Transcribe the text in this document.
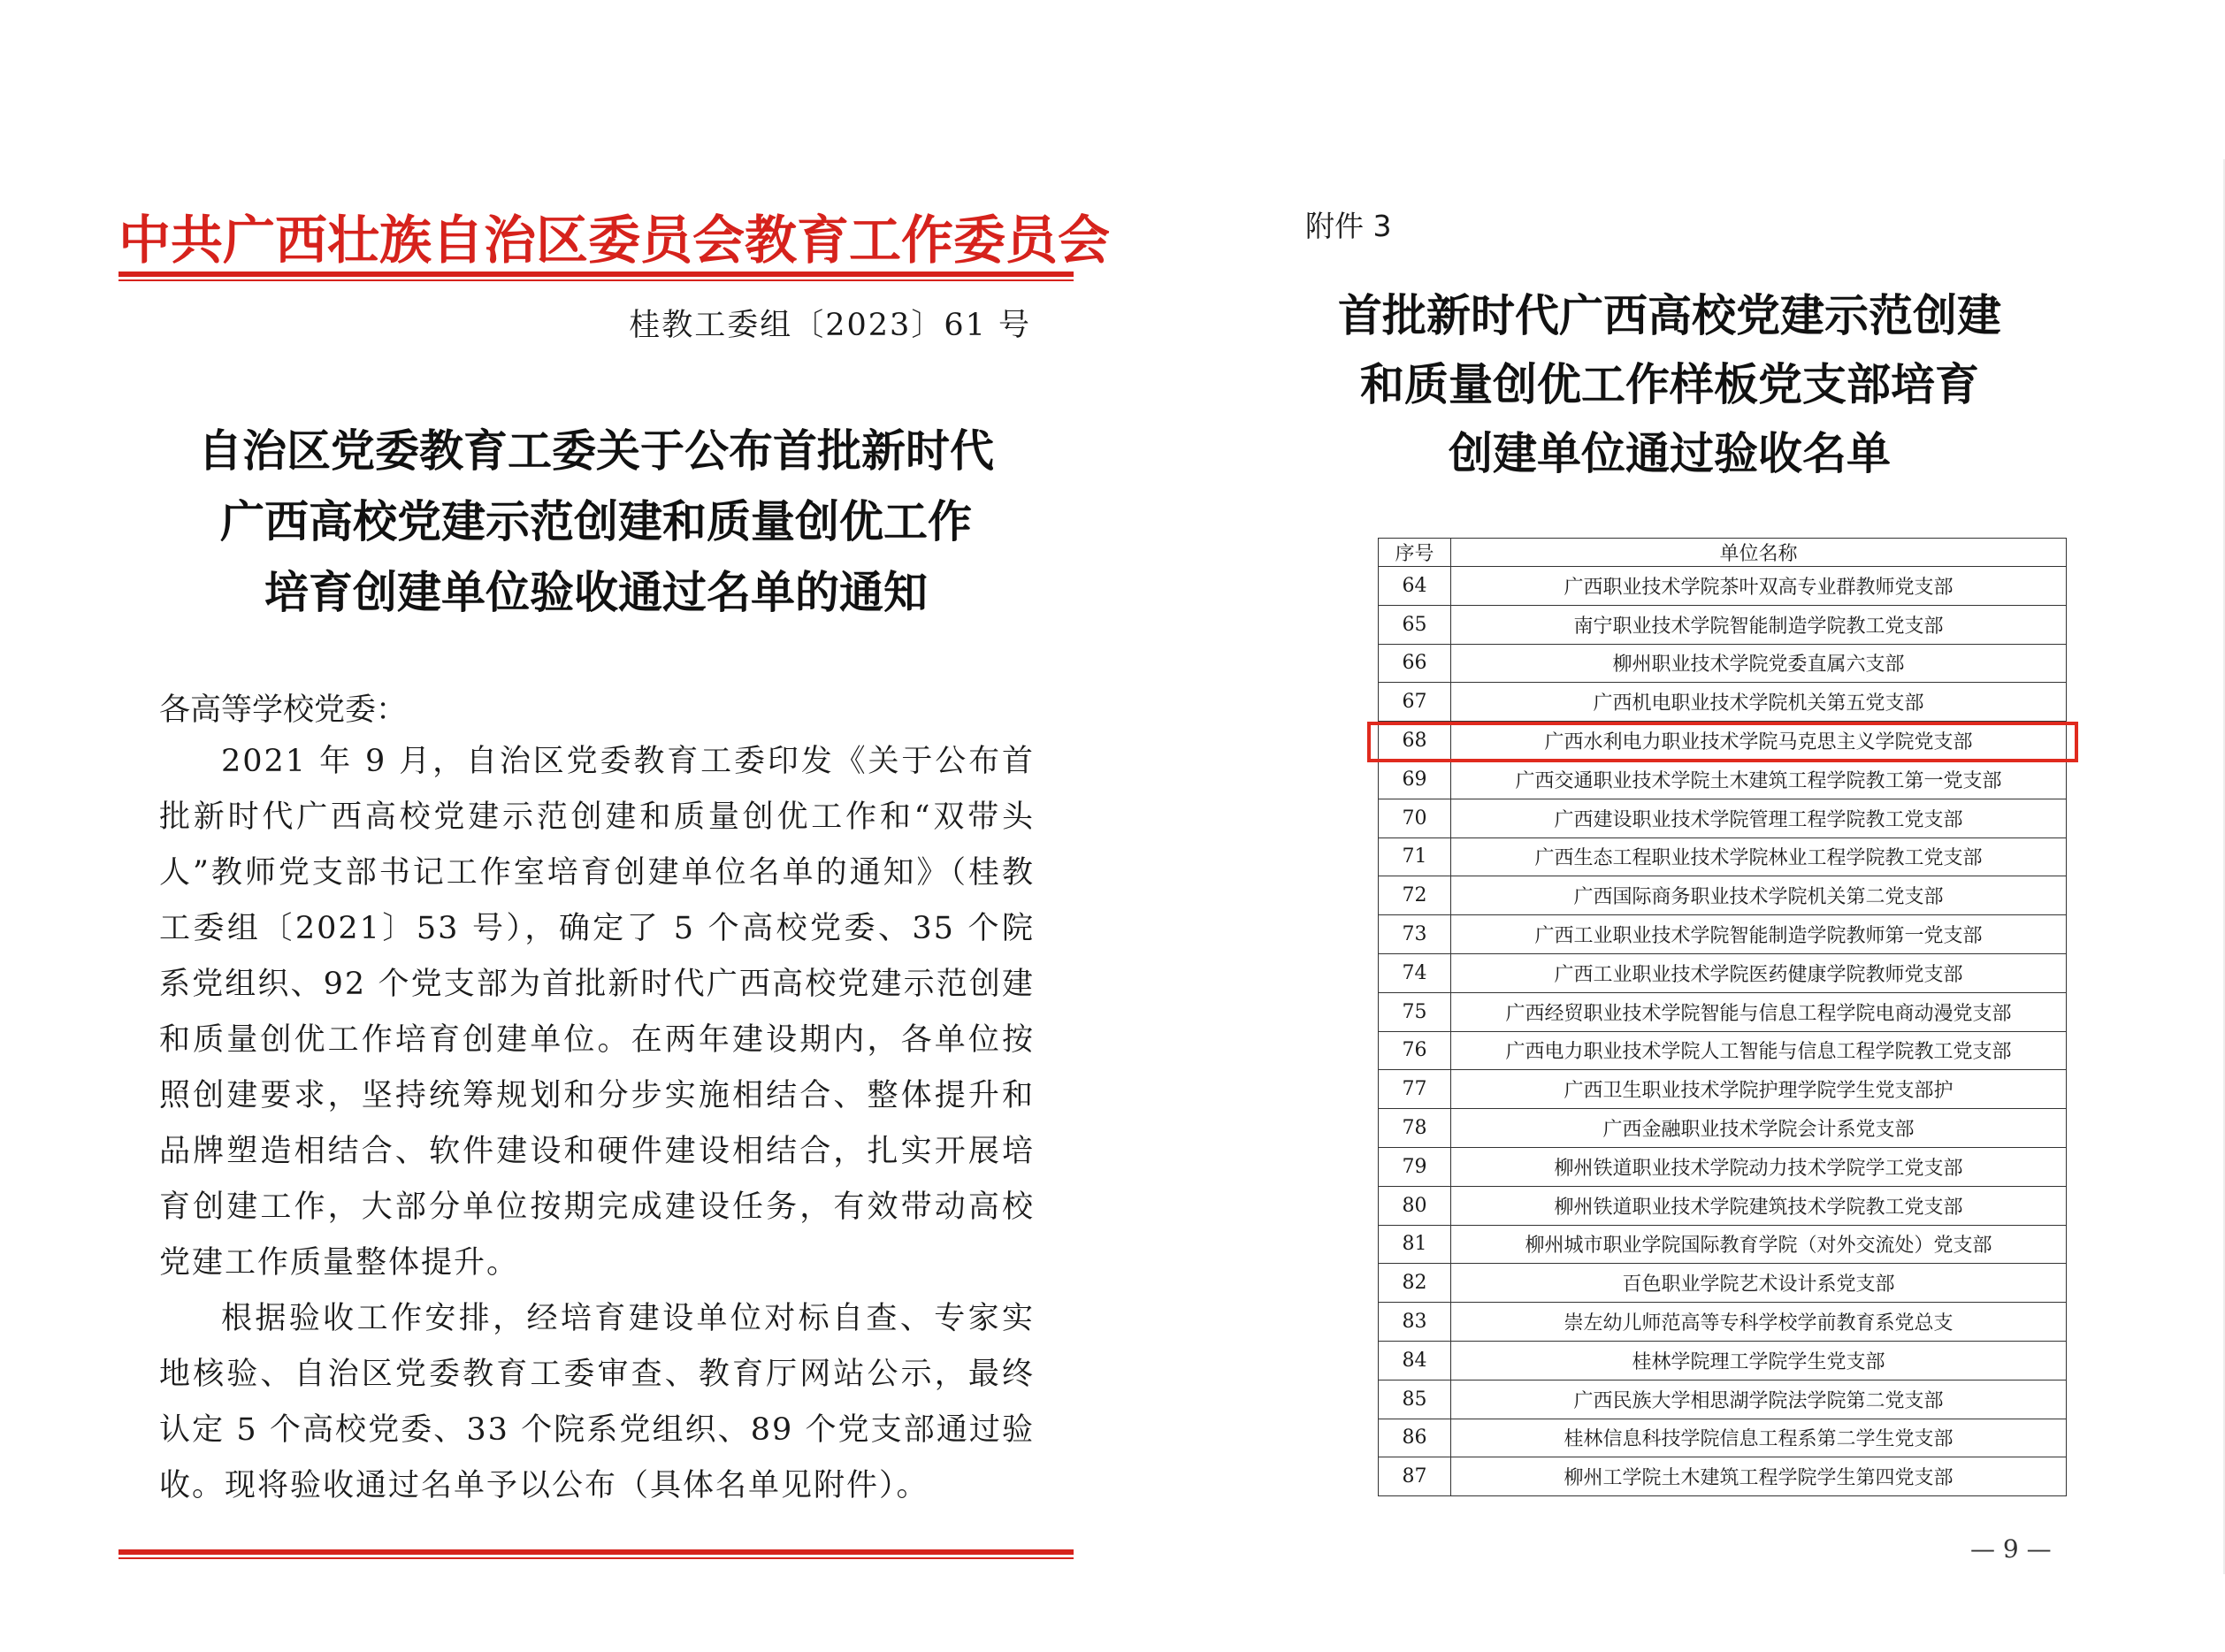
中共广西壮族自治区委员会教育工作委员会
桂教工委组〔2023〕61 号
自治区党委教育工委关于公布首批新时代
广西高校党建示范创建和质量创优工作
培育创建单位验收通过名单的通知
各高等学校党委：

2021 年 9 月，自治区党委教育工委印发《关于公布首批新时代广西高校党建示范创建和质量创优工作和“双带头人”教师党支部书记工作室培育创建单位名单的通知》（桂教工委组〔2021〕53 号），确定了 5 个高校党委、35 个院系党组织、92 个党支部为首批新时代广西高校党建示范创建和质量创优工作培育创建单位。在两年建设期内，各单位按照创建要求，坚持统筹规划和分步实施相结合、整体提升和品牌塑造相结合、软件建设和硬件建设相结合，扎实开展培育创建工作，大部分单位按期完成建设任务，有效带动高校党建工作质量整体提升。

根据验收工作安排，经培育建设单位对标自查、专家实地核验、自治区党委教育工委审查、教育厅网站公示，最终认定 5 个高校党委、33 个院系党组织、89 个党支部通过验收。现将验收通过名单予以公布（具体名单见附件）。

附件 3
首批新时代广西高校党建示范创建
和质量创优工作样板党支部培育
创建单位通过验收名单
序号	单位名称
64	广西职业技术学院茶叶双高专业群教师党支部
65	南宁职业技术学院智能制造学院教工党支部
66	柳州职业技术学院党委直属六支部
67	广西机电职业技术学院机关第五党支部
68	广西水利电力职业技术学院马克思主义学院党支部
69	广西交通职业技术学院土木建筑工程学院教工第一党支部
70	广西建设职业技术学院管理工程学院教工党支部
71	广西生态工程职业技术学院林业工程学院教工党支部
72	广西国际商务职业技术学院机关第二党支部
73	广西工业职业技术学院智能制造学院教师第一党支部
74	广西工业职业技术学院医药健康学院教师党支部
75	广西经贸职业技术学院智能与信息工程学院电商动漫党支部
76	广西电力职业技术学院人工智能与信息工程学院教工党支部
77	广西卫生职业技术学院护理学院学生党支部护
78	广西金融职业技术学院会计系党支部
79	柳州铁道职业技术学院动力技术学院学工党支部
80	柳州铁道职业技术学院建筑技术学院教工党支部
81	柳州城市职业学院国际教育学院（对外交流处）党支部
82	百色职业学院艺术设计系党支部
83	崇左幼儿师范高等专科学校学前教育系党总支
84	桂林学院理工学院学生党支部
85	广西民族大学相思湖学院法学院第二党支部
86	桂林信息科技学院信息工程系第二学生党支部
87	柳州工学院土木建筑工程学院学生第四党支部
— 9 —
